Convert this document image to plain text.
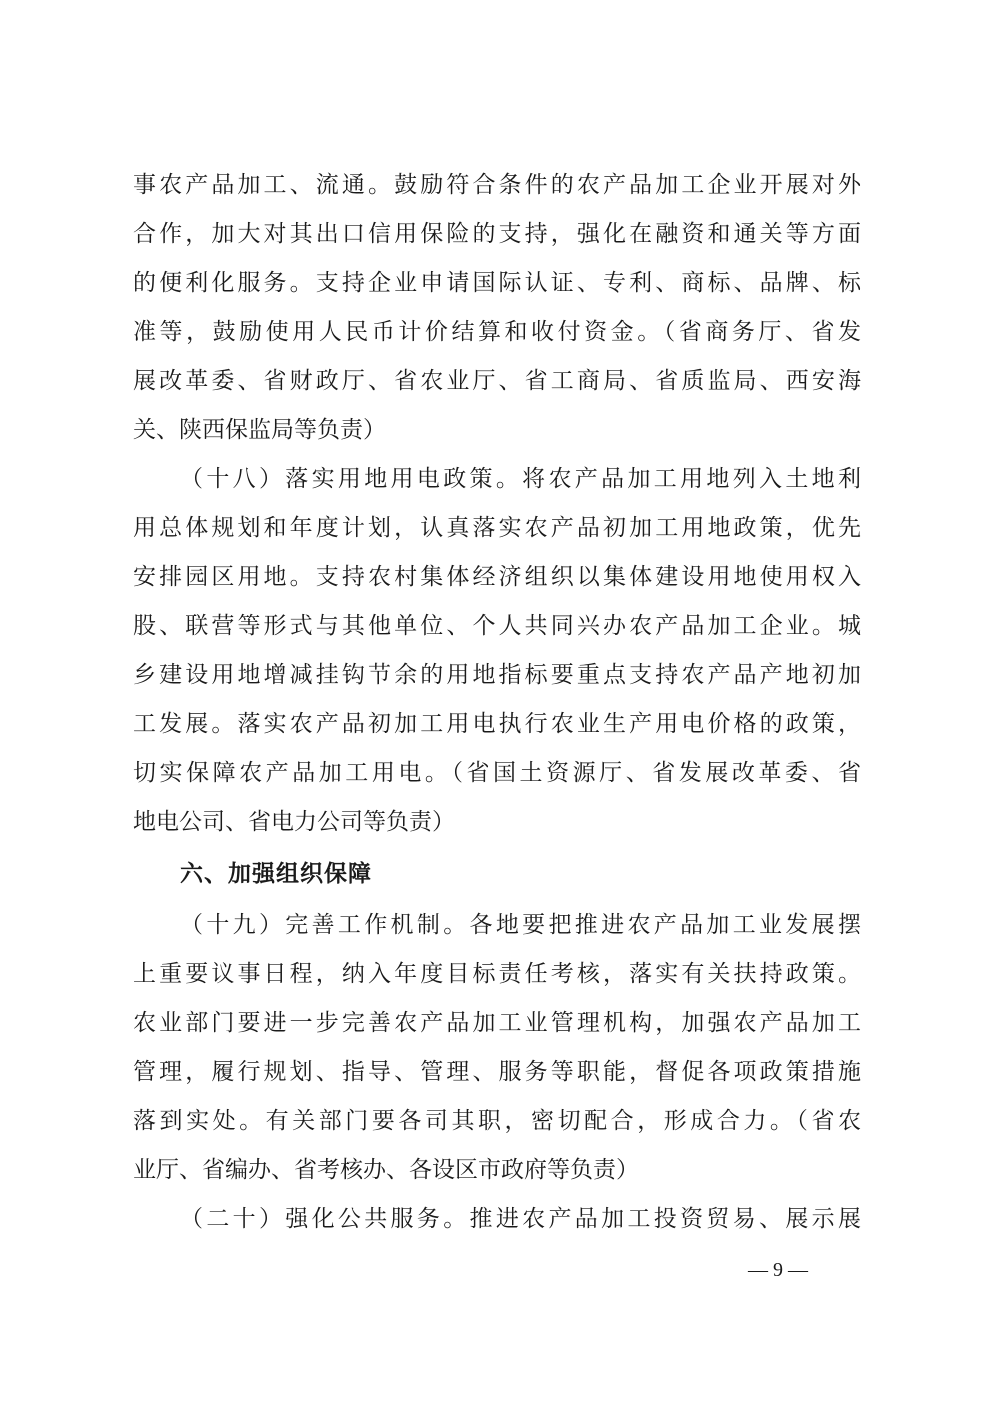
事农产品加工、流通。鼓励符合条件的农产品加工企业开展对外
合作，加大对其出口信用保险的支持，强化在融资和通关等方面
的便利化服务。支持企业申请国际认证、专利、商标、品牌、标
准等，鼓励使用人民币计价结算和收付资金。（省商务厅、省发
展改革委、省财政厅、省农业厅、省工商局、省质监局、西安海
关、陕西保监局等负责）
（十八）落实用地用电政策。将农产品加工用地列入土地利
用总体规划和年度计划，认真落实农产品初加工用地政策，优先
安排园区用地。支持农村集体经济组织以集体建设用地使用权入
股、联营等形式与其他单位、个人共同兴办农产品加工企业。城
乡建设用地增减挂钩节余的用地指标要重点支持农产品产地初加
工发展。落实农产品初加工用电执行农业生产用电价格的政策，
切实保障农产品加工用电。（省国土资源厅、省发展改革委、省
地电公司、省电力公司等负责）
六、加强组织保障
（十九）完善工作机制。各地要把推进农产品加工业发展摆
上重要议事日程，纳入年度目标责任考核，落实有关扶持政策。
农业部门要进一步完善农产品加工业管理机构，加强农产品加工
管理，履行规划、指导、管理、服务等职能，督促各项政策措施
落到实处。有关部门要各司其职，密切配合，形成合力。（省农
业厅、省编办、省考核办、各设区市政府等负责）
（二十）强化公共服务。推进农产品加工投资贸易、展示展
— 9 —
